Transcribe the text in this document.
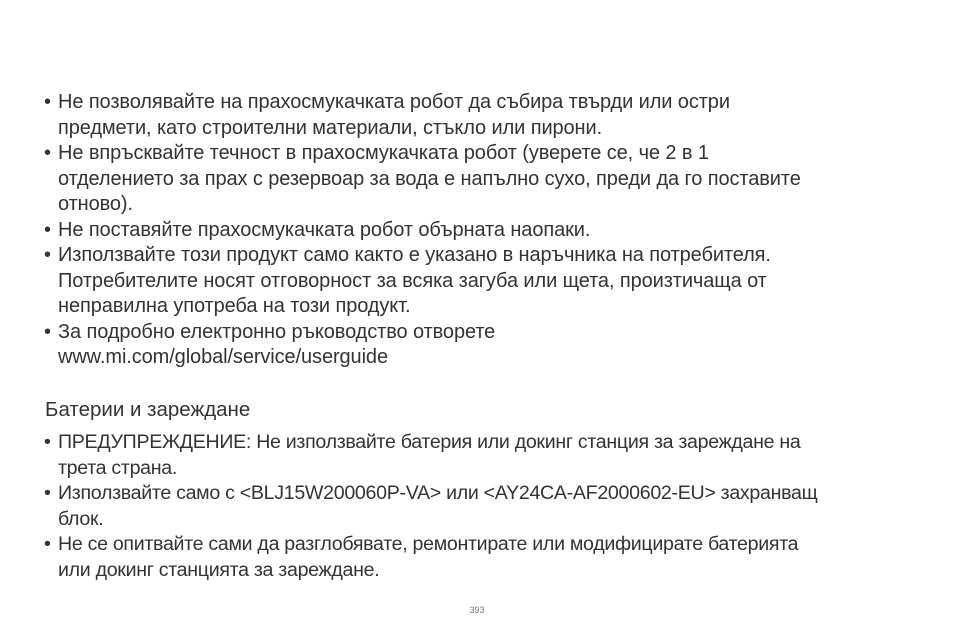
• Не позволявайте на прахосмукачката робот да събира твърди или остри
предмети, като строителни материали, стъкло или пирони.
• Не впръсквайте течност в прахосмукачката робот (уверете се, че 2 в 1
отделението за прах с резервоар за вода е напълно сухо, преди да го поставите
отново).
• Не поставяйте прахосмукачката робот обърната наопаки.
• Използвайте този продукт само както е указано в наръчника на потребителя.
Потребителите носят отговорност за всяка загуба или щета, произтичаща от
неправилна употреба на този продукт.
• За подробно електронно ръководство отворете
www.mi.com/global/service/userguide
Батерии и зареждане
• ПРЕДУПРЕЖДЕНИЕ: Не използвайте батерия или докинг станция за зареждане на
трета страна.
• Използвайте само с <BLJ15W200060P-VA> или <AY24CA-AF2000602-EU> захранващ
блок.
• Не се опитвайте сами да разглобявате, ремонтирате или модифицирате батерията
или докинг станцията за зареждане.
393
